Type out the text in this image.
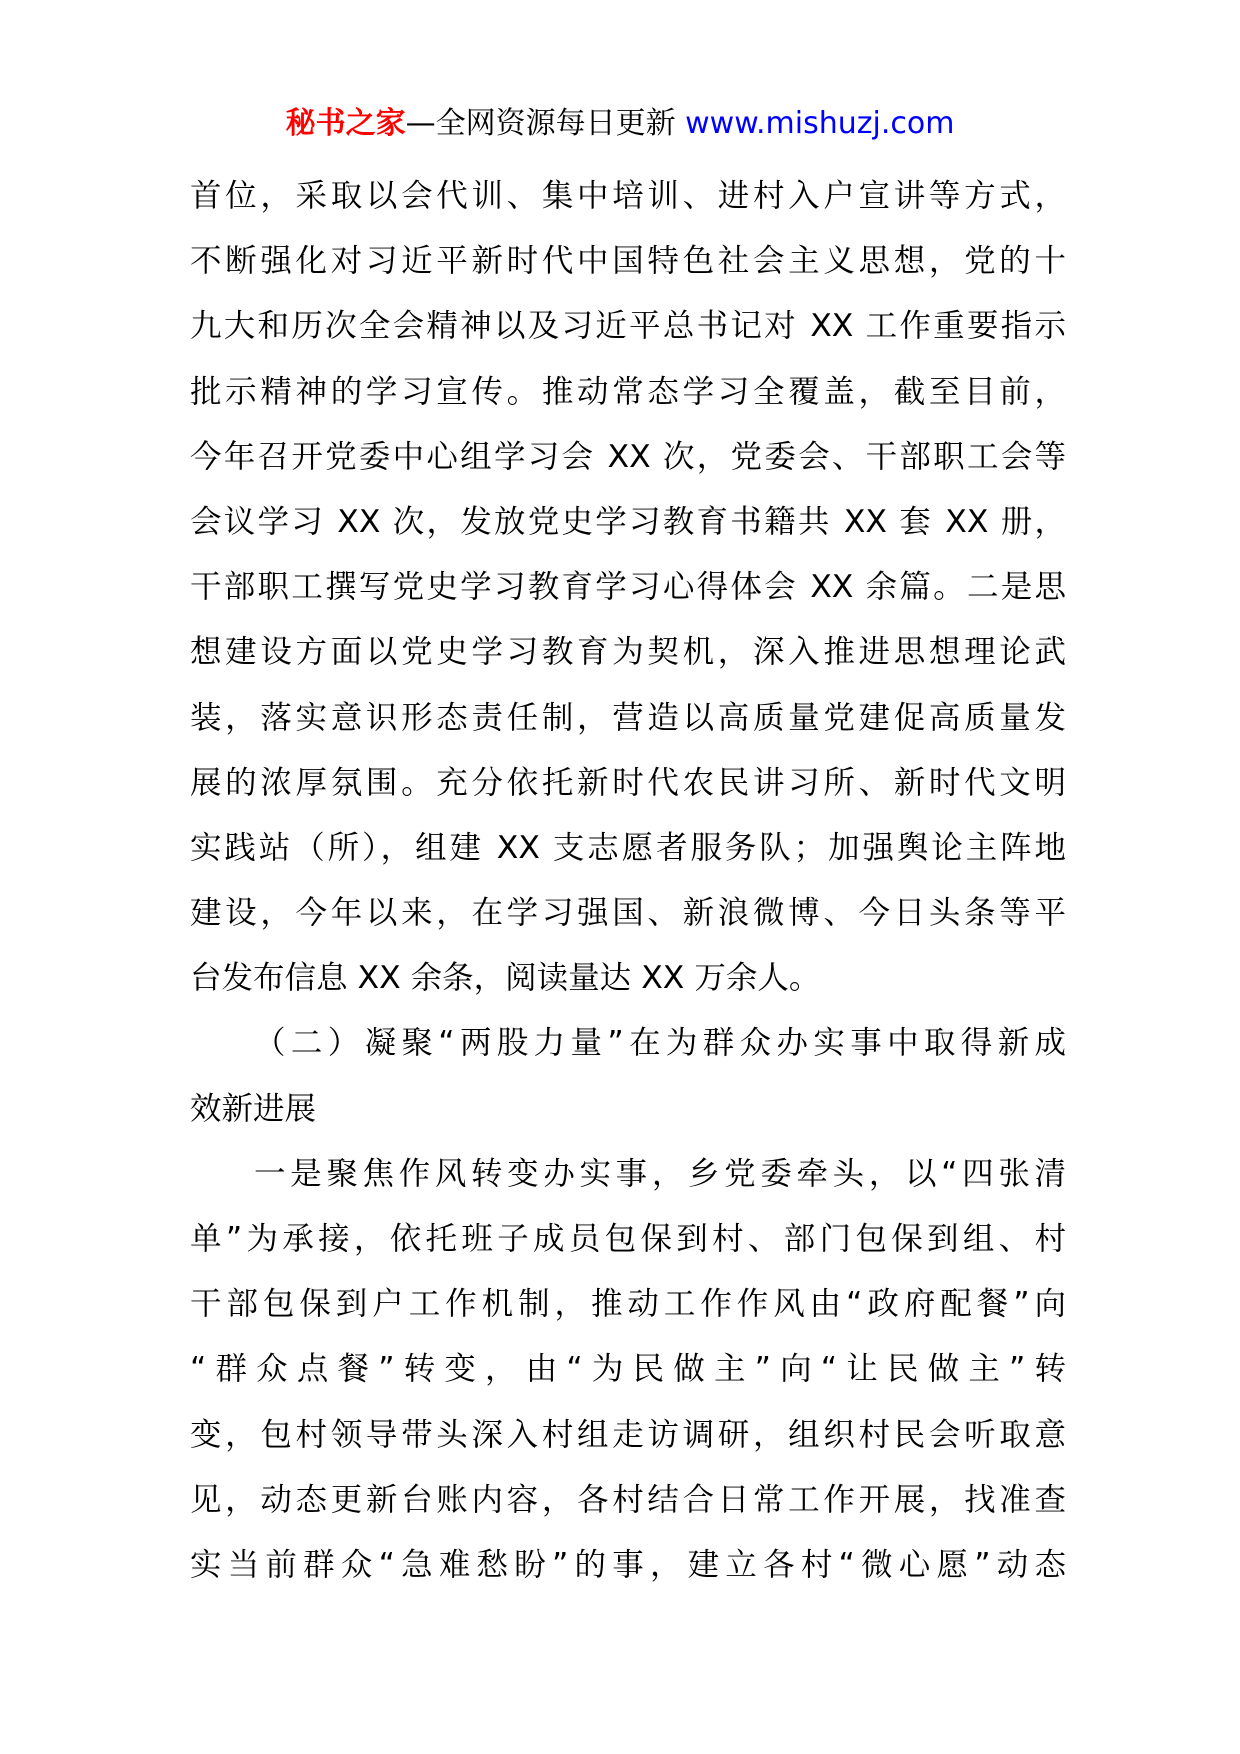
秘书之家—全网资源每日更新 www.mishuzj.com
首位，采取以会代训、集中培训、进村入户宣讲等方式，
不断强化对习近平新时代中国特色社会主义思想，党的十
九大和历次全会精神以及习近平总书记对 XX 工作重要指示
批示精神的学习宣传。推动常态学习全覆盖，截至目前，
今年召开党委中心组学习会 XX 次，党委会、干部职工会等
会议学习 XX 次，发放党史学习教育书籍共 XX 套 XX 册，
干部职工撰写党史学习教育学习心得体会 XX 余篇。二是思
想建设方面以党史学习教育为契机，深入推进思想理论武
装，落实意识形态责任制，营造以高质量党建促高质量发
展的浓厚氛围。充分依托新时代农民讲习所、新时代文明
实践站（所），组建 XX 支志愿者服务队；加强舆论主阵地
建设，今年以来，在学习强国、新浪微博、今日头条等平
台发布信息 XX 余条，阅读量达 XX 万余人。
（二）凝聚“两股力量”在为群众办实事中取得新成
效新进展
一是聚焦作风转变办实事，乡党委牵头，以“四张清
单”为承接，依托班子成员包保到村、部门包保到组、村
干部包保到户工作机制，推动工作作风由“政府配餐”向
“群众点餐”转变，由“为民做主”向“让民做主”转
变，包村领导带头深入村组走访调研，组织村民会听取意
见，动态更新台账内容，各村结合日常工作开展，找准查
实当前群众“急难愁盼”的事，建立各村“微心愿”动态
